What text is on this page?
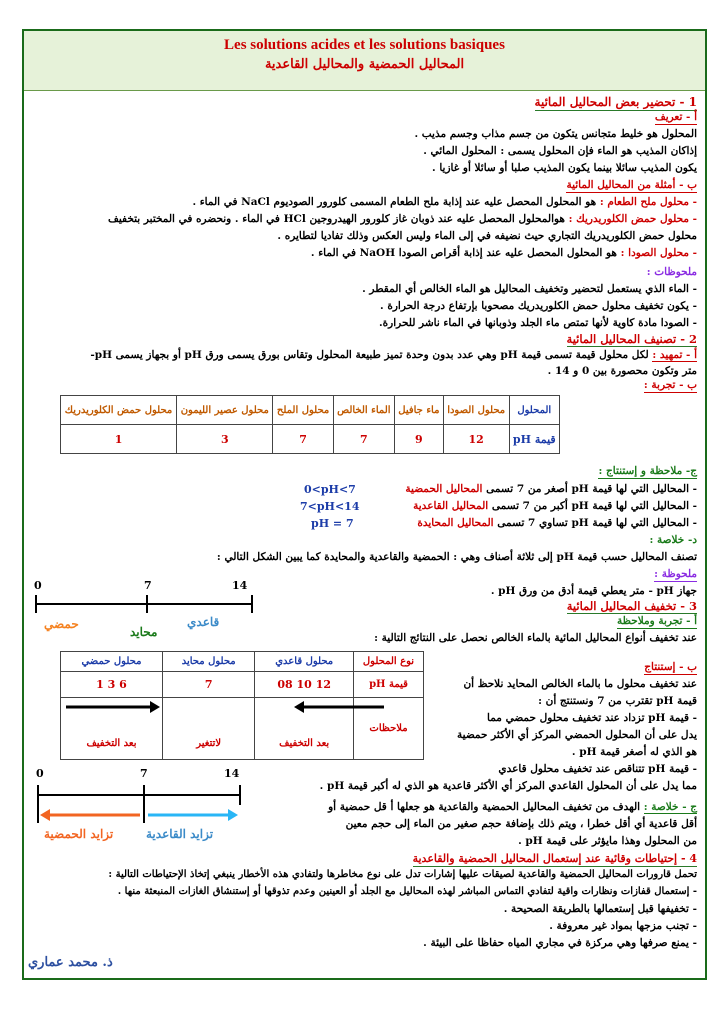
Les solutions acides et les solutions basiques
المحاليل الحمضية والمحاليل القاعدية
1 - تحضير بعض المحاليل المائية
أ - تعريف
المحلول هو خليط متجانس يتكون من جسم مذاب وجسم مذيب .
إذاكان المذيب هو الماء فإن المحلول يسمى : المحلول المائي .
يكون المذيب سائلا بينما يكون المذيب صلبا أو سائلا أو غازيا .
ب - أمثلة من المحاليل المائية
- محلول ملح الطعام : هو المحلول المحصل عليه عند إذابة ملح الطعام المسمى كلورور الصوديوم NaCl في الماء .
- محلول حمض الكلوريدريك : هوالمحلول المحصل عليه عند ذوبان غاز كلورور الهيدروجين HCl في الماء . ونحضره في المختبر بتخفيف
محلول حمض الكلوريدريك التجاري حيث نضيفه في إلى الماء وليس العكس وذلك تفاديا لتطايره .
- محلول الصودا : هو المحلول المحصل عليه عند إذابة أقراص الصودا NaOH في الماء .
ملحوظات :
- الماء الذي يستعمل لتحضير وتخفيف المحاليل هو الماء الخالص أي المقطر .
- يكون تخفيف محلول حمض الكلوريدريك مصحوبا بإرتفاع درجة الحرارة .
- الصودا مادة كاوية لأنها تمتص ماء الجلد وذوبانها في الماء ناشر للحرارة.
2 - تصنيف المحاليل المائية
أ - تمهيد : لكل محلول قيمة تسمى قيمة pH وهي عدد بدون وحدة تميز طبيعة المحلول وتقاس بورق يسمى ورق pH أو بجهاز يسمى pH-
متر وتكون محصورة بين 0 و 14 .
ب - تجربة :
المحلول	محلول الصودا	ماء جافيل	الماء الخالص	محلول الملح	محلول عصير الليمون	محلول حمض الكلوريدريك
قيمة pH	12	9	7	7	3	1
ج- ملاحظة و إستنتاج :
- المحاليل التي لها قيمة pH أصغر من 7 تسمى المحاليل الحمضية
- المحاليل التي لها قيمة pH أكبر من 7 تسمى المحاليل القاعدية
- المحاليل التي لها قيمة pH تساوي 7 تسمى المحاليل المحايدة
0<pH<7
7<pH<14
pH = 7
د- خلاصة :
تصنف المحاليل حسب قيمة pH إلى ثلاثة أصناف وهي : الحمضية والقاعدية والمحايدة كما يبين الشكل التالي :
ملحوظة :
جهاز pH - متر يعطي قيمة أدق من ورق pH .
0	7	14
حمضي
محايد
قاعدي
3 - تخفيف المحاليل المائية
أ - تجربة وملاحظة
عند تخفيف أنواع المحاليل المائية بالماء الخالص نحصل على النتائج التالية :
نوع المحلول	محلول قاعدي	محلول محايد	محلول حمضي
قيمة pH	12 10 08	7	6 3 1
ملاحظات	بعد التخفيف	لاتتغير	بعد التخفيف
ب - إستنتاج
عند تخفيف محلول ما بالماء الخالص المحايد نلاحظ أن
قيمة pH تقترب من 7 ونستنتج أن :
- قيمة pH تزداد عند تخفيف محلول حمضي مما
يدل على أن المحلول الحمضي المركز أي الأكثر حمضية
هو الذي له أصغر قيمة pH .
- قيمة pH تتناقص عند تخفيف محلول قاعدي
مما يدل على أن المحلول القاعدي المركز أي الأكثر قاعدية هو الذي له أكبر قيمة pH .
0	7	14
تزايد الحمضية	تزايد القاعدية
ج - خلاصة : الهدف من تخفيف المحاليل الحمضية والقاعدية هو جعلها أ قل حمضية أو
أقل قاعدية أي أقل خطرا ، ويتم ذلك بإضافة حجم صغير من الماء إلى حجم معين
من المحلول وهذا مايؤثر على قيمة pH .
4 - إحتياطات وقائية عند إستعمال المحاليل الحمضية والقاعدية
تحمل قارورات المحاليل الحمضية والقاعدية لصيقات عليها إشارات تدل على نوع مخاطرها ولتفادي هذه الأخطار ينبغي إتخاذ الإحتياطات التالية :
- إستعمال قفازات ونظارات واقية لتفادي التماس المباشر لهذه المحاليل مع الجلد أو العينين وعدم تذوقها أو إستنشاق الغازات المنبعثة منها .
- تخفيفها قبل إستعمالها بالطريقة الصحيحة .
- تجنب مزجها بمواد غير معروفة .
- يمنع صرفها وهي مركزة في مجاري المياه حفاظا على البيئة .
ذ. محمد عماري
